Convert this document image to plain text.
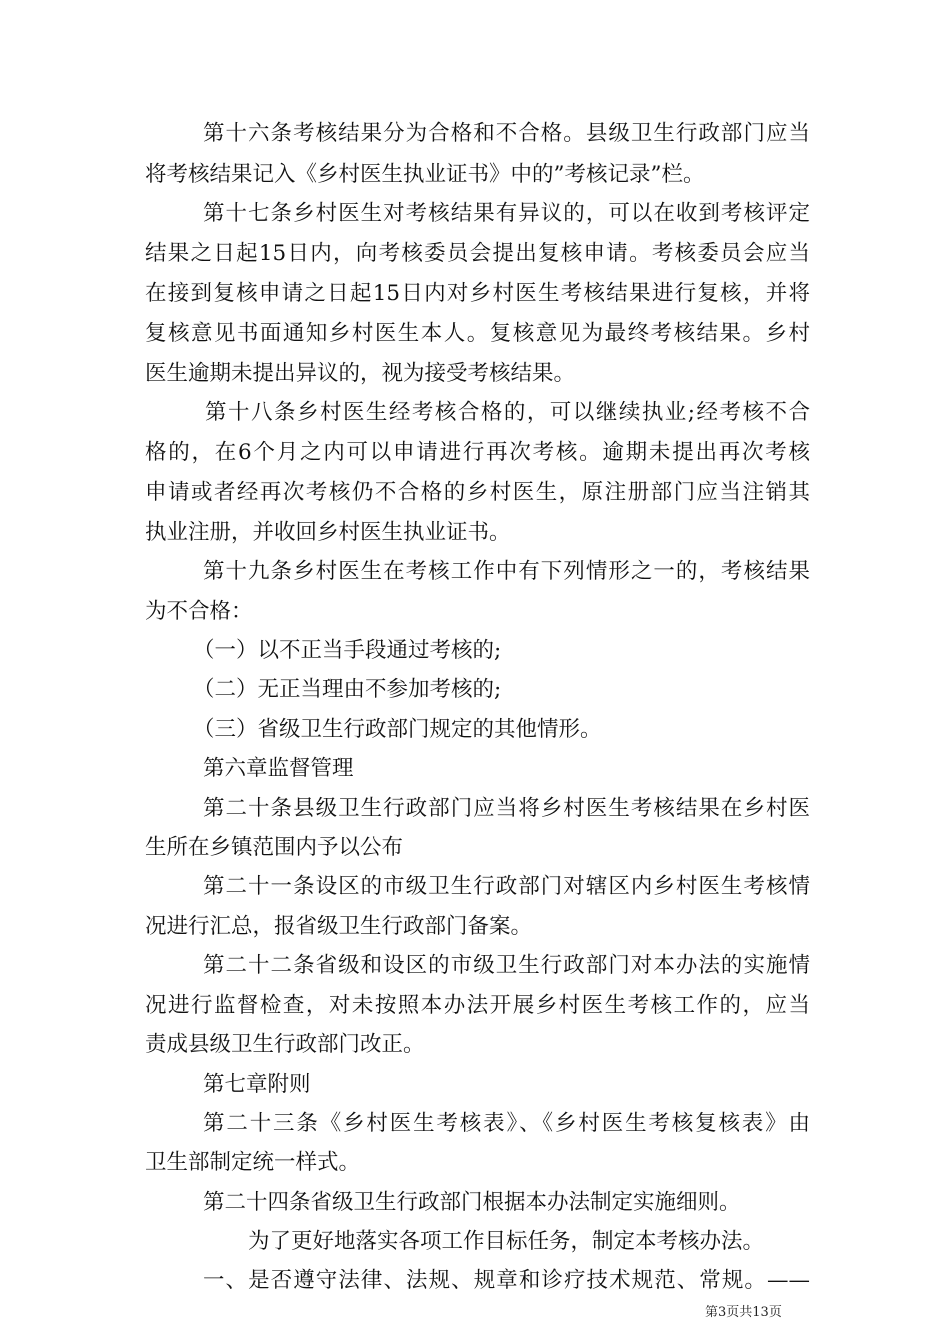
第十六条考核结果分为合格和不合格。县级卫生行政部门应当
将考核结果记入《乡村医生执业证书》中的”考核记录”栏。
第十七条乡村医生对考核结果有异议的，可以在收到考核评定
结果之日起15日内，向考核委员会提出复核申请。考核委员会应当
在接到复核申请之日起15日内对乡村医生考核结果进行复核，并将
复核意见书面通知乡村医生本人。复核意见为最终考核结果。乡村
医生逾期未提出异议的，视为接受考核结果。
第十八条乡村医生经考核合格的，可以继续执业;经考核不合
格的，在6个月之内可以申请进行再次考核。逾期未提出再次考核
申请或者经再次考核仍不合格的乡村医生，原注册部门应当注销其
执业注册，并收回乡村医生执业证书。
第十九条乡村医生在考核工作中有下列情形之一的，考核结果
为不合格：
（一）以不正当手段通过考核的;
（二）无正当理由不参加考核的;
（三）省级卫生行政部门规定的其他情形。
第六章监督管理
第二十条县级卫生行政部门应当将乡村医生考核结果在乡村医
生所在乡镇范围内予以公布
第二十一条设区的市级卫生行政部门对辖区内乡村医生考核情
况进行汇总，报省级卫生行政部门备案。
第二十二条省级和设区的市级卫生行政部门对本办法的实施情
况进行监督检查，对未按照本办法开展乡村医生考核工作的，应当
责成县级卫生行政部门改正。
第七章附则
第二十三条《乡村医生考核表》、《乡村医生考核复核表》由
卫生部制定统一样式。
第二十四条省级卫生行政部门根据本办法制定实施细则。
为了更好地落实各项工作目标任务，制定本考核办法。
一、是否遵守法律、法规、规章和诊疗技术规范、常规。——
第3页共13页
